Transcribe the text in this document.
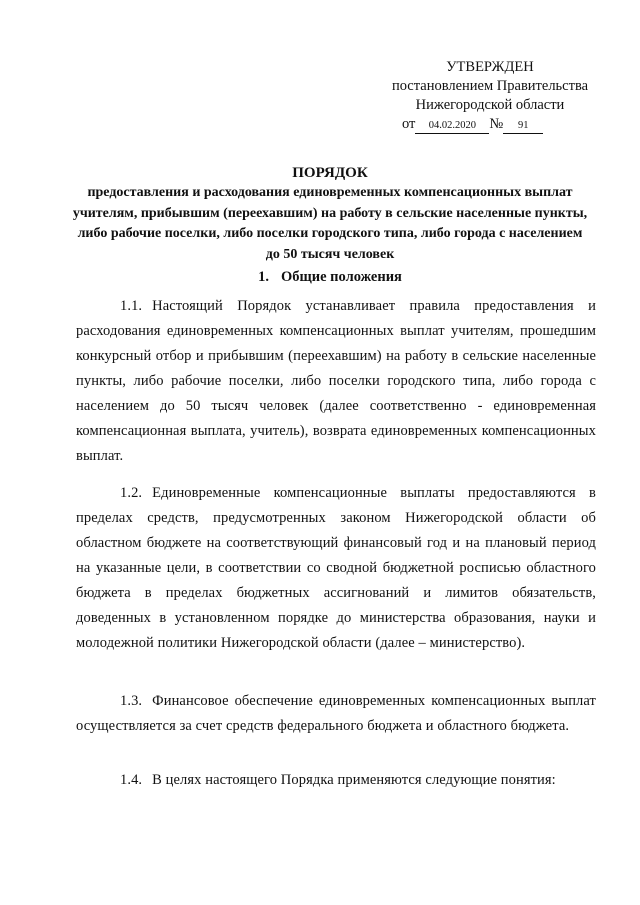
УТВЕРЖДЕН
постановлением Правительства
Нижегородской области
от 04.02.2020 № 91

ПОРЯДОК

предоставления и расходования единовременных компенсационных выплат учителям, прибывшим (переехавшим) на работу в сельские населенные пункты, либо рабочие поселки, либо поселки городского типа, либо города с населением до 50 тысяч человек

1. Общие положения

1.1. Настоящий Порядок устанавливает правила предоставления и расходования единовременных компенсационных выплат учителям, прошедшим конкурсный отбор и прибывшим (переехавшим) на работу в сельские населенные пункты, либо рабочие поселки, либо поселки городского типа, либо города с населением до 50 тысяч человек (далее соответственно - единовременная компенсационная выплата, учитель), возврата единовременных компенсационных выплат.

1.2. Единовременные компенсационные выплаты предоставляются в пределах средств, предусмотренных законом Нижегородской области об областном бюджете на соответствующий финансовый год и на плановый период на указанные цели, в соответствии со сводной бюджетной росписью областного бюджета в пределах бюджетных ассигнований и лимитов обязательств, доведенных в установленном порядке до министерства образования, науки и молодежной политики Нижегородской области (далее – министерство).

1.3. Финансовое обеспечение единовременных компенсационных выплат осуществляется за счет средств федерального бюджета и областного бюджета.

1.4. В целях настоящего Порядка применяются следующие понятия:
